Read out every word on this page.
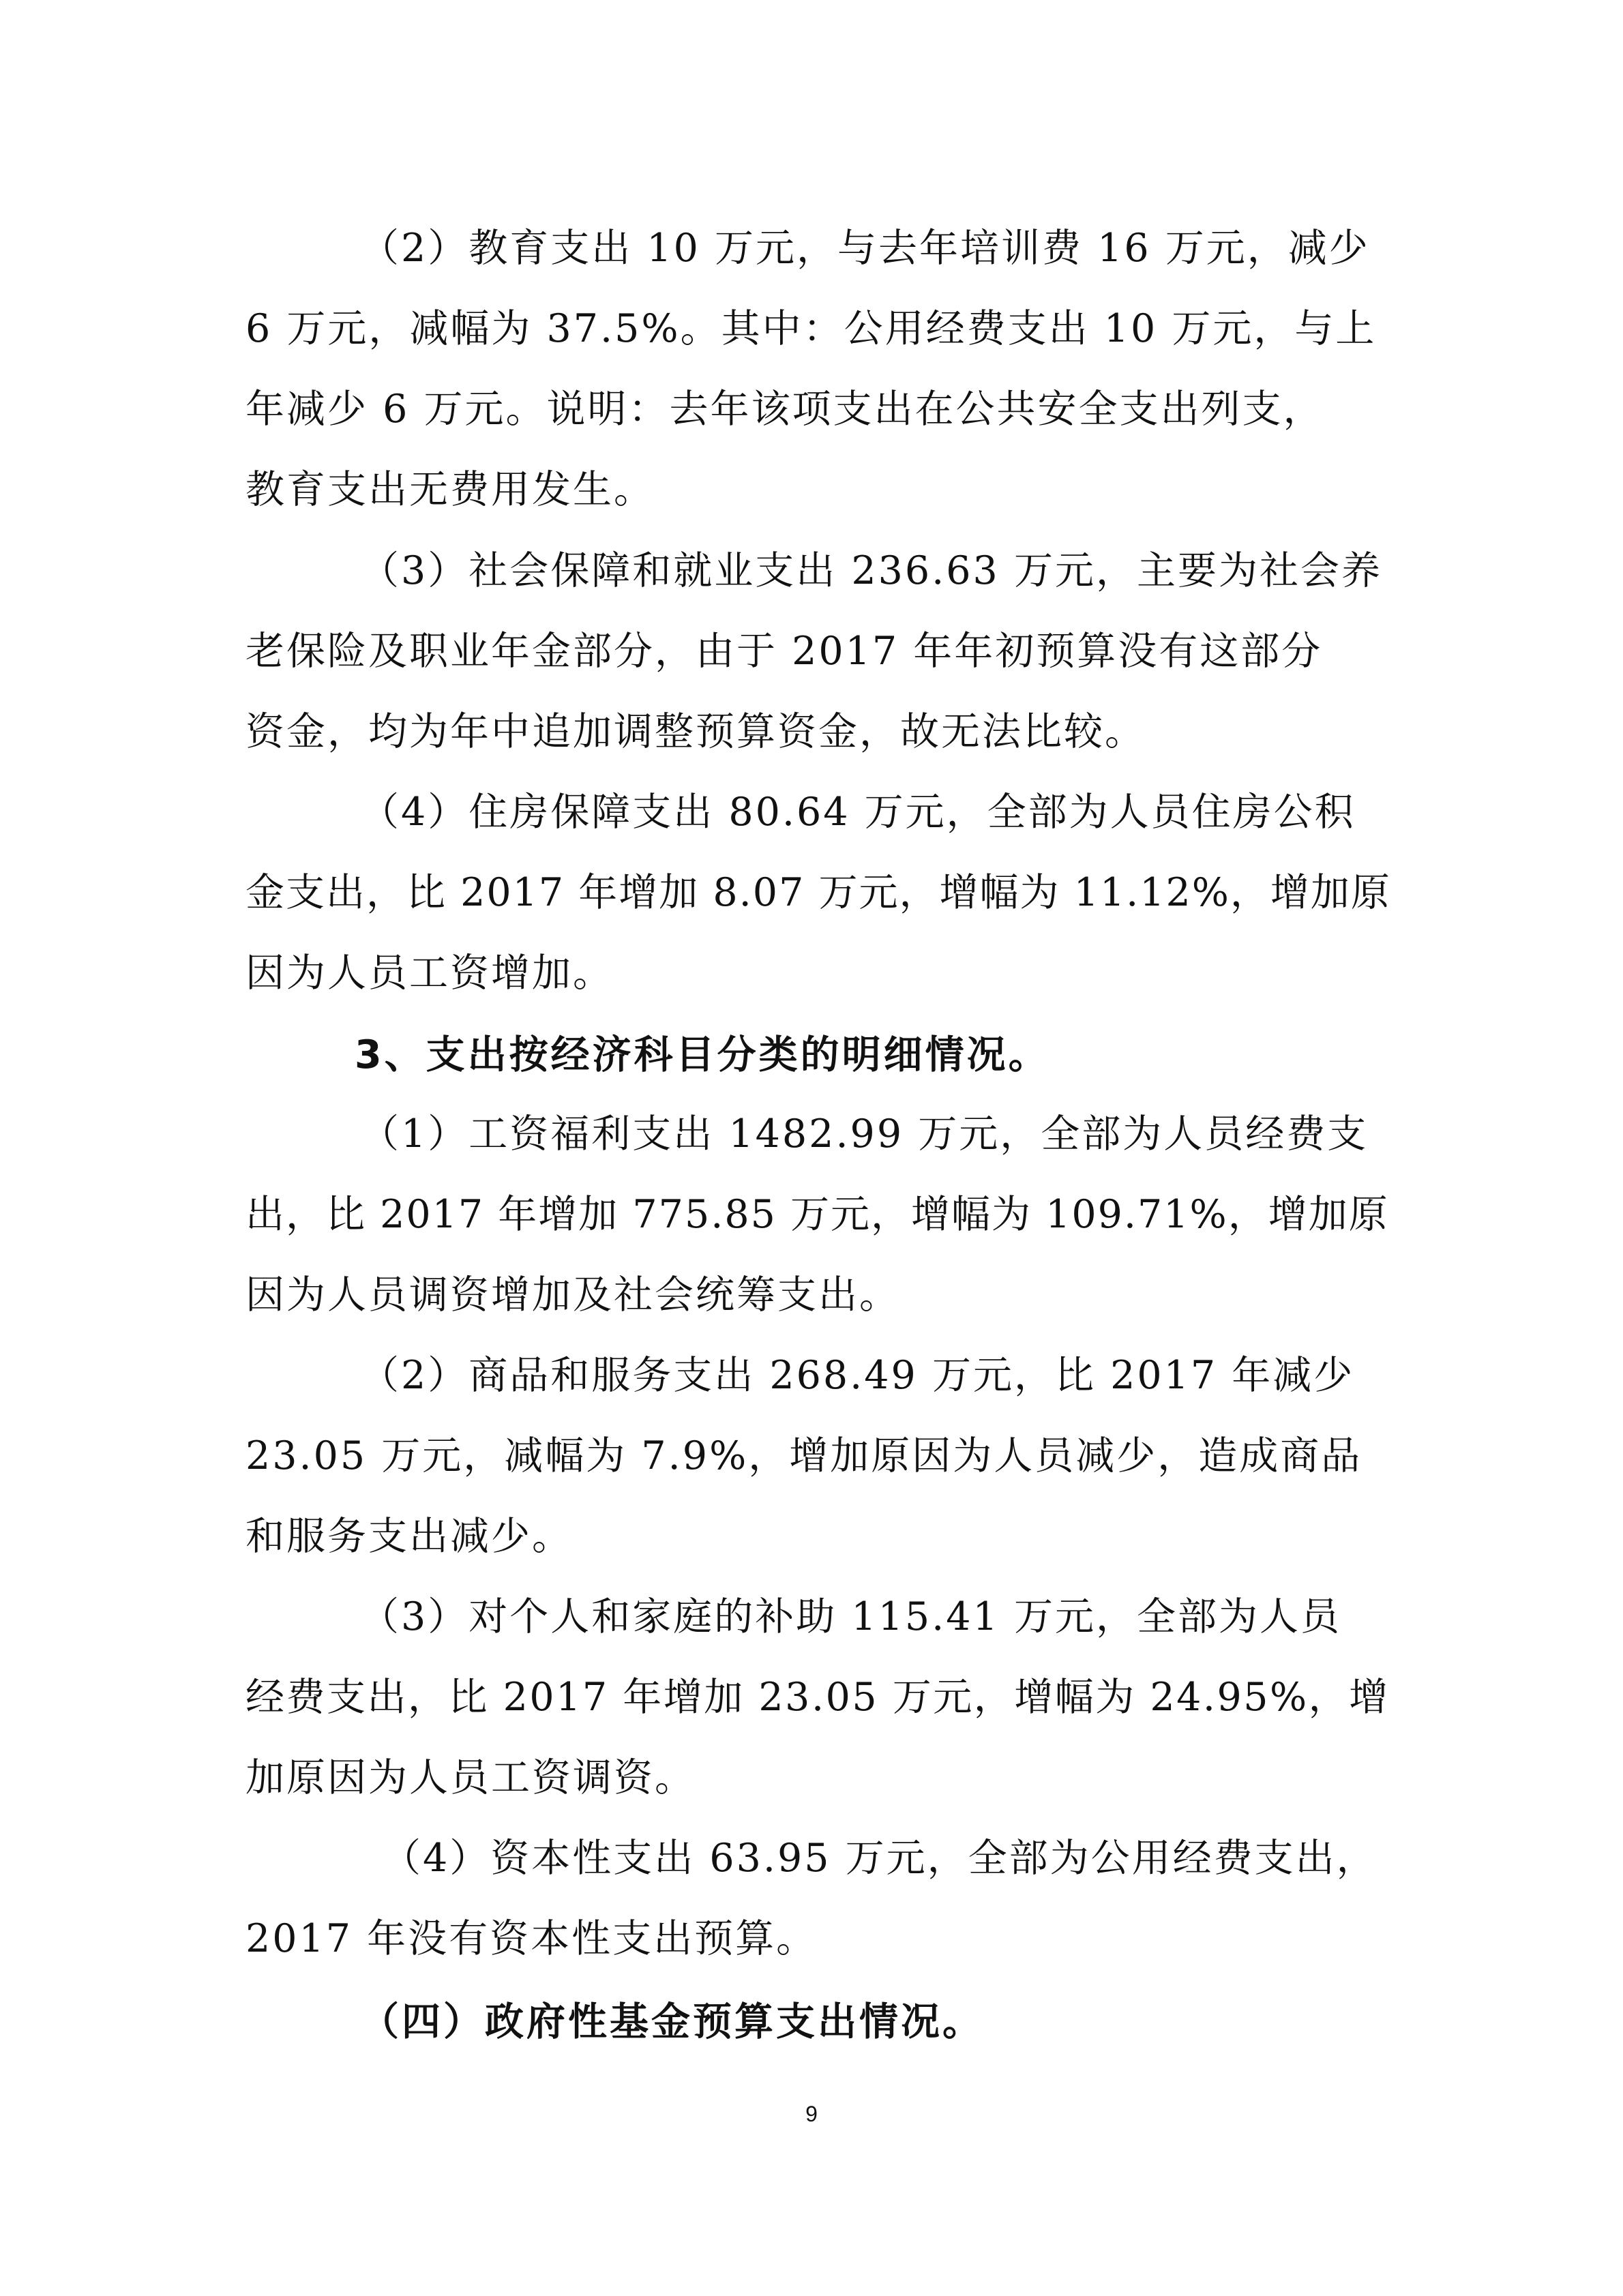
（2）教育支出 10 万元，与去年培训费 16 万元，减少
6 万元，减幅为 37.5%。其中：公用经费支出 10 万元，与上
年减少 6 万元。说明：去年该项支出在公共安全支出列支，
教育支出无费用发生。
（3）社会保障和就业支出 236.63 万元，主要为社会养
老保险及职业年金部分，由于 2017 年年初预算没有这部分
资金，均为年中追加调整预算资金，故无法比较。
（4）住房保障支出 80.64 万元，全部为人员住房公积
金支出，比 2017 年增加 8.07 万元，增幅为 11.12%，增加原
因为人员工资增加。
3、支出按经济科目分类的明细情况。
（1）工资福利支出 1482.99 万元，全部为人员经费支
出，比 2017 年增加 775.85 万元，增幅为 109.71%，增加原
因为人员调资增加及社会统筹支出。
（2）商品和服务支出 268.49 万元，比 2017 年减少
23.05 万元，减幅为 7.9%，增加原因为人员减少，造成商品
和服务支出减少。
（3）对个人和家庭的补助 115.41 万元，全部为人员
经费支出，比 2017 年增加 23.05 万元，增幅为 24.95%，增
加原因为人员工资调资。
（4）资本性支出 63.95 万元，全部为公用经费支出，
2017 年没有资本性支出预算。
（四）政府性基金预算支出情况。
9
